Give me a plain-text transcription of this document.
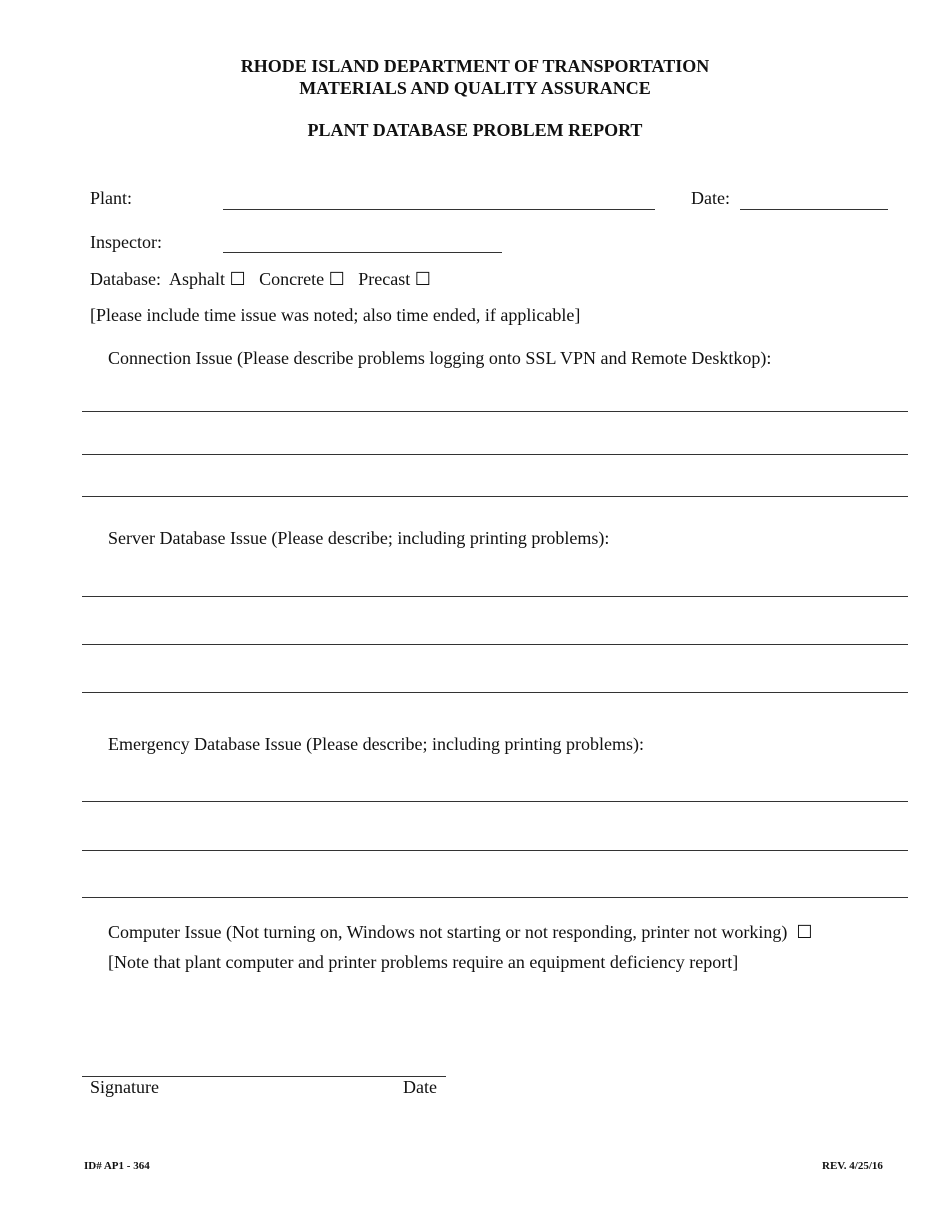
RHODE ISLAND DEPARTMENT OF TRANSPORTATION
MATERIALS AND QUALITY ASSURANCE
PLANT DATABASE PROBLEM REPORT
Plant:	Date:
Inspector:
Database: Asphalt ☐ Concrete ☐ Precast ☐
[Please include time issue was noted; also time ended, if applicable]
Connection Issue (Please describe problems logging onto SSL VPN and Remote Desktkop):
Server Database Issue (Please describe; including printing problems):
Emergency Database Issue (Please describe; including printing problems):
Computer Issue (Not turning on, Windows not starting or not responding, printer not working) ☐
[Note that plant computer and printer problems require an equipment deficiency report]
Signature	Date
ID# AP1 - 364	REV. 4/25/16
